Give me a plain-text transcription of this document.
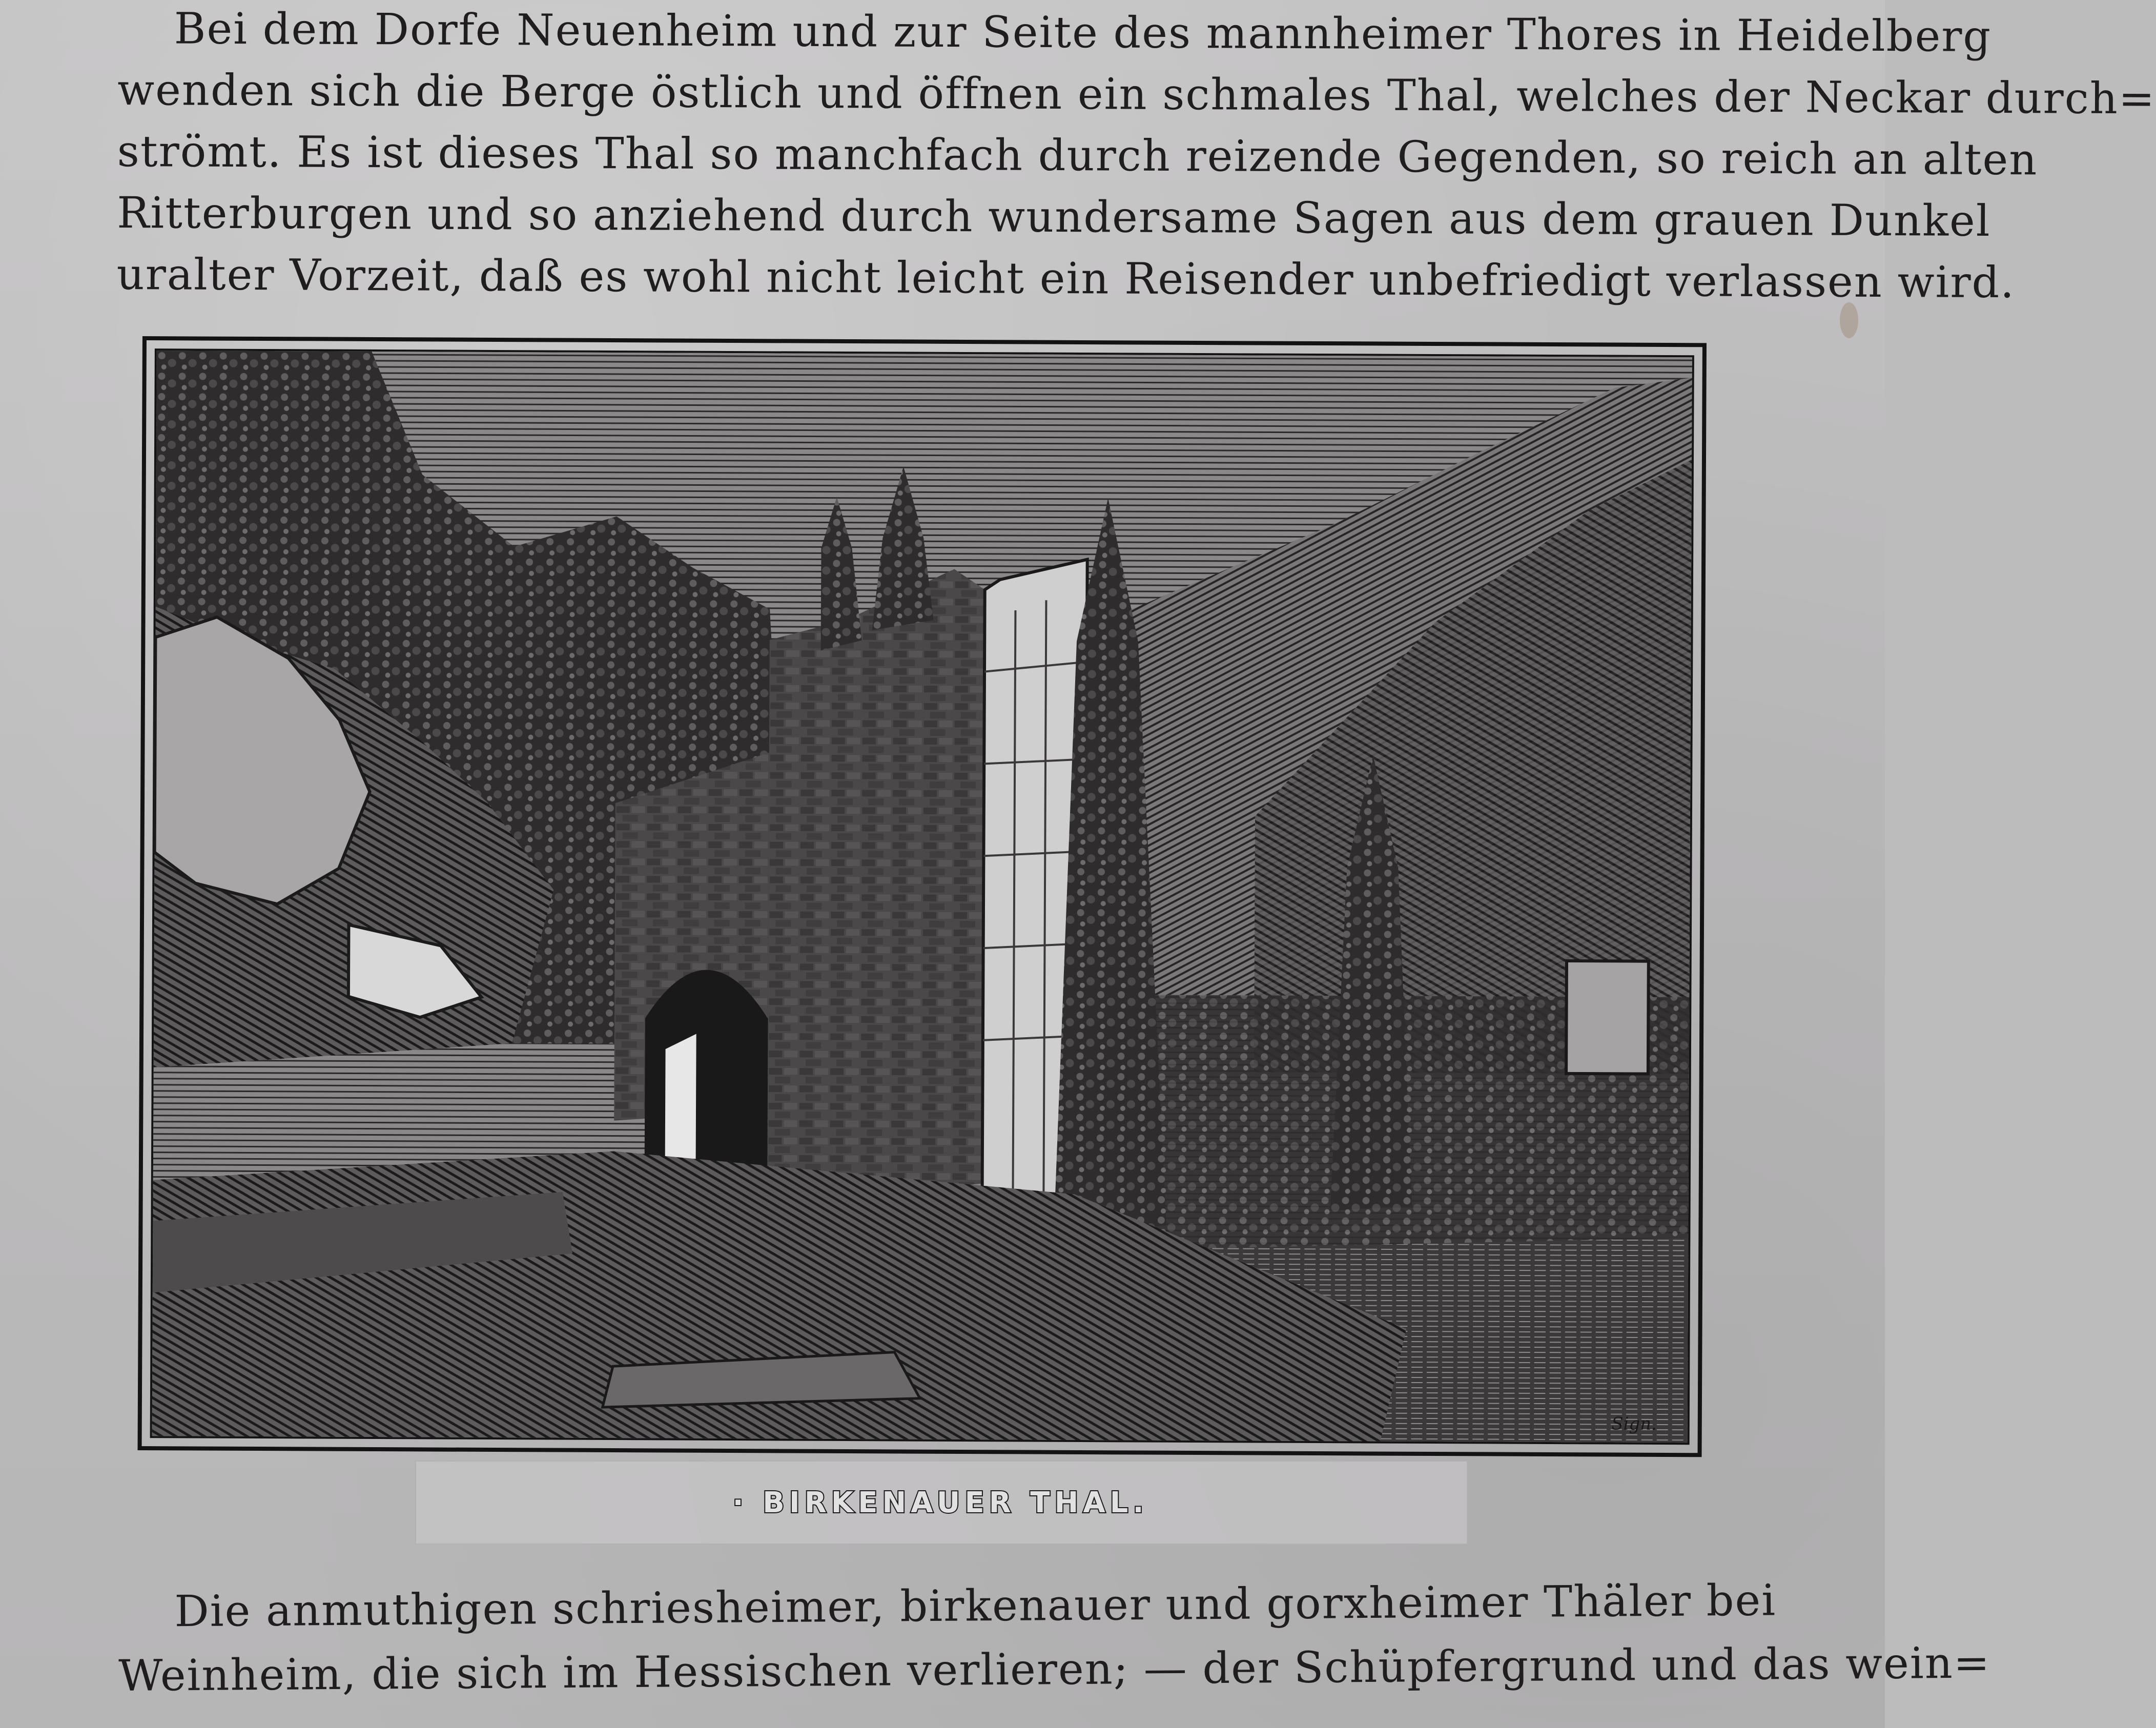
Bei dem Dorfe Neuenheim und zur Seite des mannheimer Thores in Heidelberg
wenden sich die Berge östlich und öffnen ein schmales Thal, welches der Neckar durch=
strömt. Es ist dieses Thal so manchfach durch reizende Gegenden, so reich an alten
Ritterburgen und so anziehend durch wundersame Sagen aus dem grauen Dunkel
uralter Vorzeit, daß es wohl nicht leicht ein Reisender unbefriedigt verlassen wird.
Sign.
· BIRKENAUER THAL.
Die anmuthigen schriesheimer, birkenauer und gorxheimer Thäler bei
Weinheim, die sich im Hessischen verlieren; — der Schüpfergrund und das wein=
